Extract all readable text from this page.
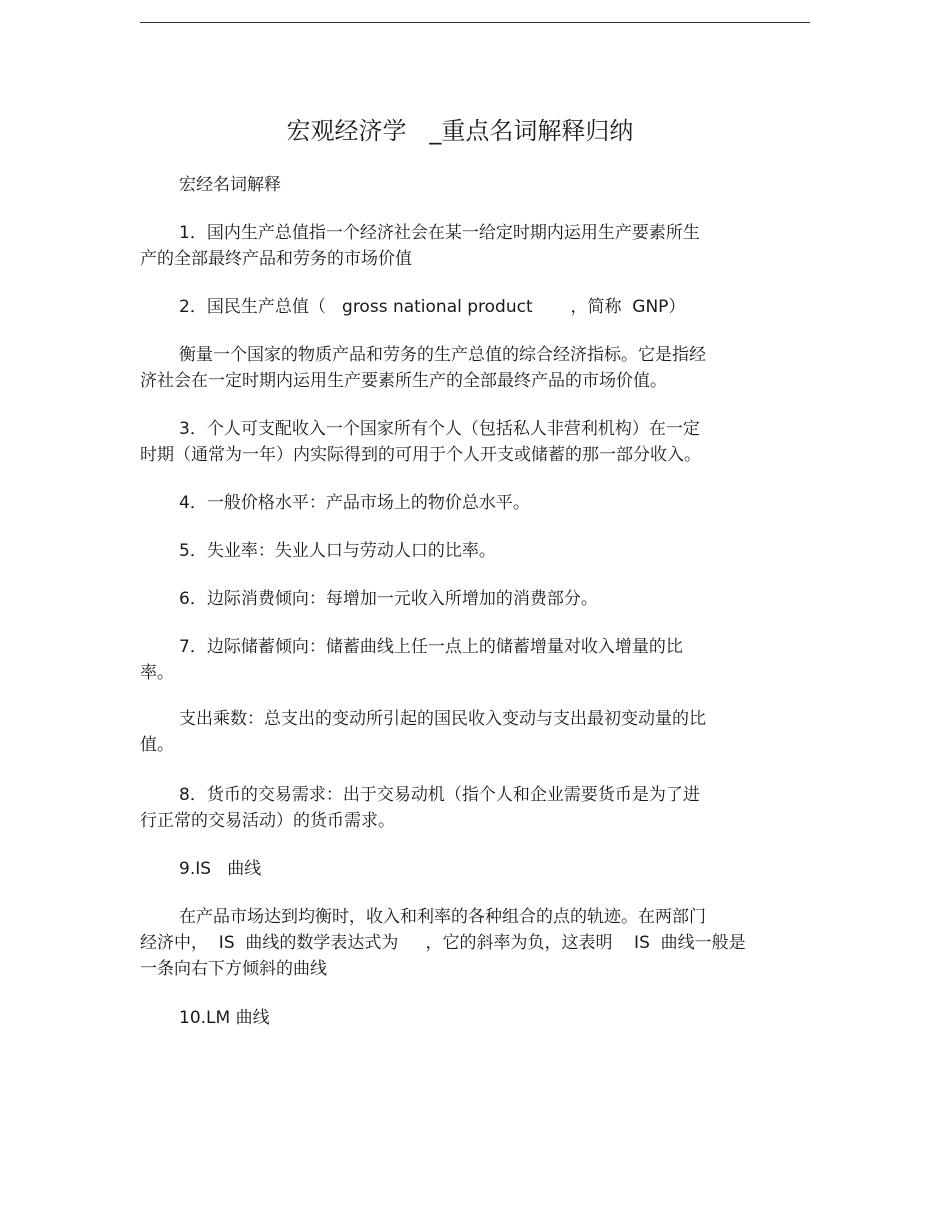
宏观经济学   _重点名词解释归纳
宏经名词解释
1．国内生产总值指一个经济社会在某一给定时期内运用生产要素所生
产的全部最终产品和劳务的市场价值
2．国民生产总值（   gross national product       ，简称  GNP）
衡量一个国家的物质产品和劳务的生产总值的综合经济指标。它是指经
济社会在一定时期内运用生产要素所生产的全部最终产品的市场价值。
3．个人可支配收入一个国家所有个人（包括私人非营利机构）在一定
时期（通常为一年）内实际得到的可用于个人开支或储蓄的那一部分收入。
4．一般价格水平：产品市场上的物价总水平。
5．失业率：失业人口与劳动人口的比率。
6．边际消费倾向：每增加一元收入所增加的消费部分。
7．边际储蓄倾向：储蓄曲线上任一点上的储蓄增量对收入增量的比
率。
支出乘数：总支出的变动所引起的国民收入变动与支出最初变动量的比
值。
8．货币的交易需求：出于交易动机（指个人和企业需要货币是为了进
行正常的交易活动）的货币需求。
9.IS   曲线
在产品市场达到均衡时，收入和利率的各种组合的点的轨迹。在两部门
经济中，  IS  曲线的数学表达式为     ，它的斜率为负，这表明    IS  曲线一般是
一条向右下方倾斜的曲线
10.LM 曲线
